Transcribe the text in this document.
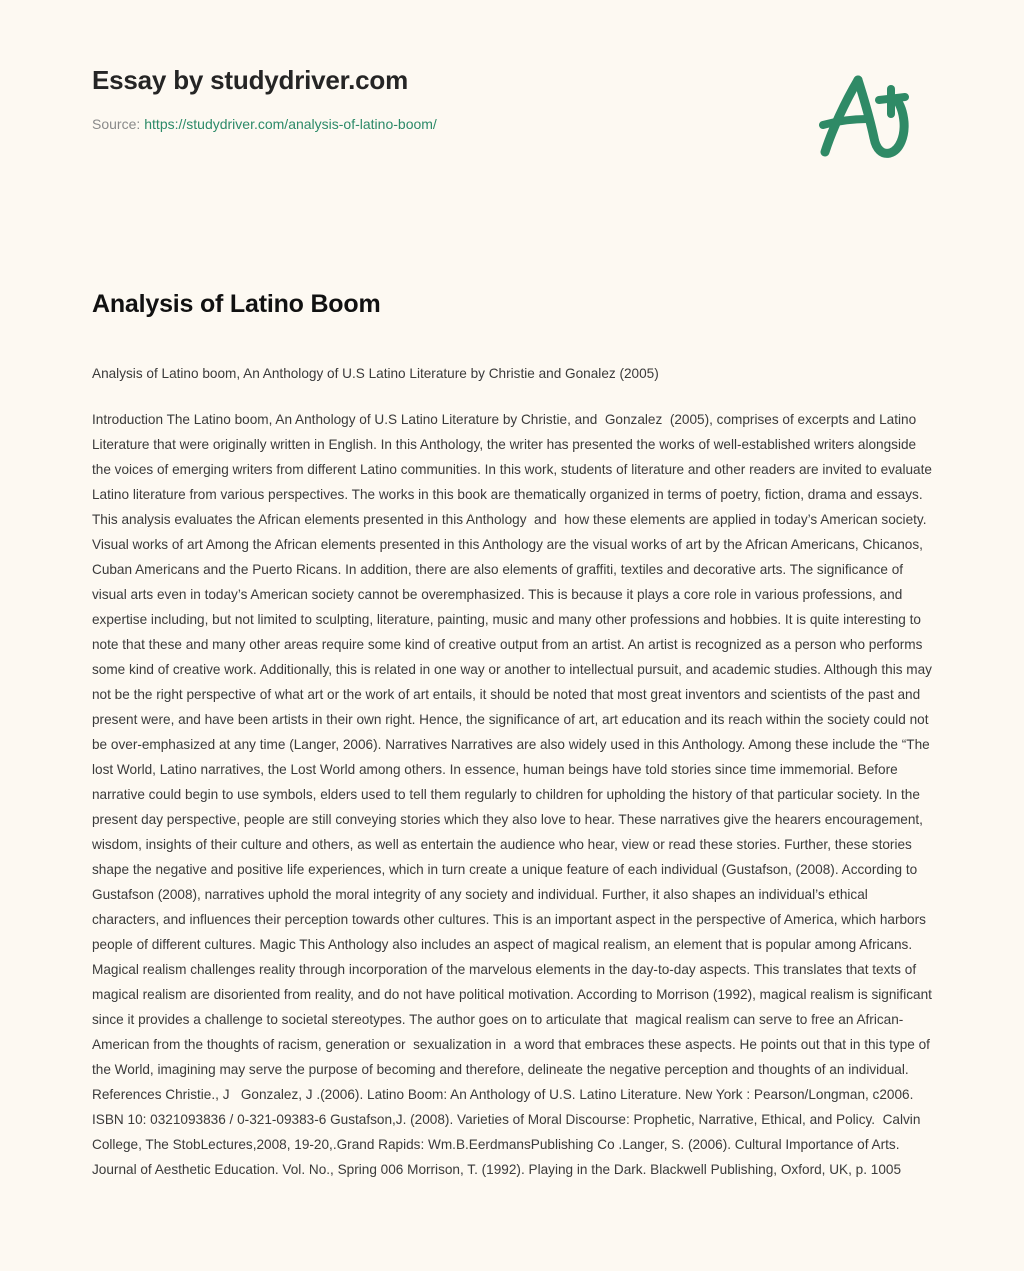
Essay by studydriver.com
Source: https://studydriver.com/analysis-of-latino-boom/
Analysis of Latino Boom

Analysis of Latino boom, An Anthology of U.S Latino Literature by Christie and Gonalez (2005)

Introduction The Latino boom, An Anthology of U.S Latino Literature by Christie, and  Gonzalez  (2005), comprises of excerpts and Latino Literature that were originally written in English. In this Anthology, the writer has presented the works of well-established writers alongside the voices of emerging writers from different Latino communities. In this work, students of literature and other readers are invited to evaluate Latino literature from various perspectives. The works in this book are thematically organized in terms of poetry, fiction, drama and essays. This analysis evaluates the African elements presented in this Anthology  and  how these elements are applied in today’s American society. Visual works of art Among the African elements presented in this Anthology are the visual works of art by the African Americans, Chicanos, Cuban Americans and the Puerto Ricans. In addition, there are also elements of graffiti, textiles and decorative arts. The significance of visual arts even in today’s American society cannot be overemphasized. This is because it plays a core role in various professions, and expertise including, but not limited to sculpting, literature, painting, music and many other professions and hobbies. It is quite interesting to note that these and many other areas require some kind of creative output from an artist. An artist is recognized as a person who performs some kind of creative work. Additionally, this is related in one way or another to intellectual pursuit, and academic studies. Although this may not be the right perspective of what art or the work of art entails, it should be noted that most great inventors and scientists of the past and present were, and have been artists in their own right. Hence, the significance of art, art education and its reach within the society could not be over-emphasized at any time (Langer, 2006). Narratives Narratives are also widely used in this Anthology. Among these include the “The lost World, Latino narratives, the Lost World among others. In essence, human beings have told stories since time immemorial. Before narrative could begin to use symbols, elders used to tell them regularly to children for upholding the history of that particular society. In the present day perspective, people are still conveying stories which they also love to hear. These narratives give the hearers encouragement, wisdom, insights of their culture and others, as well as entertain the audience who hear, view or read these stories. Further, these stories shape the negative and positive life experiences, which in turn create a unique feature of each individual (Gustafson, (2008). According to Gustafson (2008), narratives uphold the moral integrity of any society and individual. Further, it also shapes an individual’s ethical characters, and influences their perception towards other cultures. This is an important aspect in the perspective of America, which harbors people of different cultures. Magic This Anthology also includes an aspect of magical realism, an element that is popular among Africans.   Magical realism challenges reality through incorporation of the marvelous elements in the day-to-day aspects. This translates that texts of magical realism are disoriented from reality, and do not have political motivation. According to Morrison (1992), magical realism is significant since it provides a challenge to societal stereotypes. The author goes on to articulate that  magical realism can serve to free an African- American from the thoughts of racism, generation or  sexualization in  a word that embraces these aspects. He points out that in this type of the World, imagining may serve the purpose of becoming and therefore, delineate the negative perception and thoughts of an individual. References Christie., J   Gonzalez, J .(2006). Latino Boom: An Anthology of U.S. Latino Literature. New York : Pearson/Longman, c2006. ISBN 10: 0321093836 / 0-321-09383-6 Gustafson,J. (2008). Varieties of Moral Discourse: Prophetic, Narrative, Ethical, and Policy.  Calvin College, The StobLectures,2008, 19-20,.Grand Rapids: Wm.B.EerdmansPublishing Co .Langer, S. (2006). Cultural Importance of Arts. Journal of Aesthetic Education. Vol. No., Spring 006 Morrison, T. (1992). Playing in the Dark. Blackwell Publishing, Oxford, UK, p. 1005
